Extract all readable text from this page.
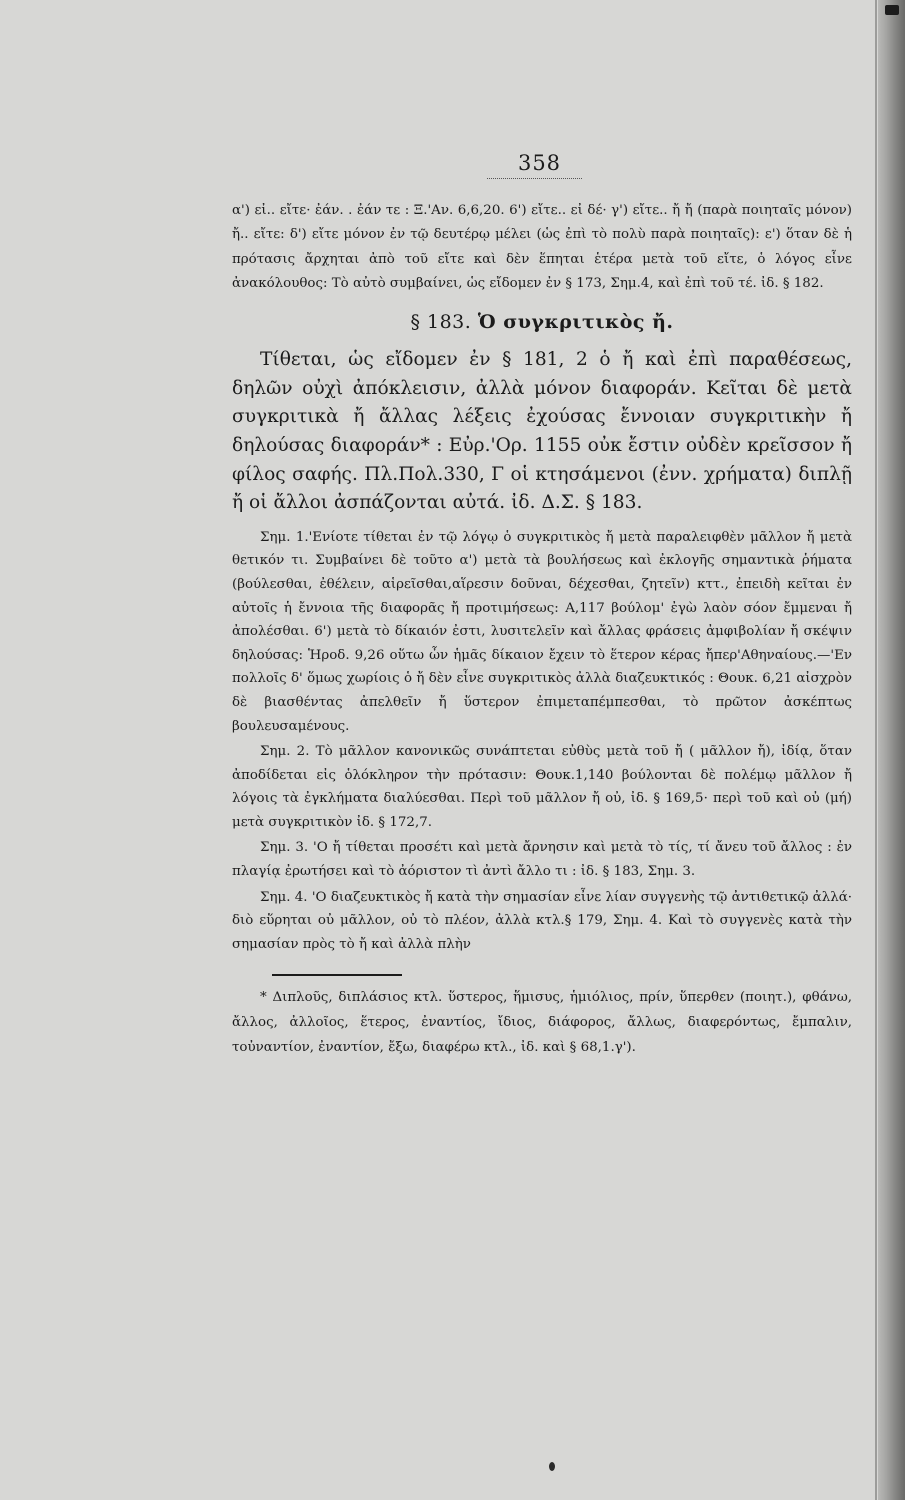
358

α') εἰ.. εἴτε· ἐάν. . ἐάν τε : Ξ.'Αν. 6,6,20. 6') εἴτε.. εἰ δέ· γ') εἴτε.. ἤ ἤ (παρὰ ποιηταῖς μόνον) ἤ.. εἴτε: δ') εἴτε μόνον ἐν τῷ δευτέρῳ μέλει (ὡς ἐπὶ τὸ πολὺ παρὰ ποιηταῖς): ε') ὅταν δὲ ἡ πρότασις ἄρχηται ἀπὸ τοῦ εἴτε καὶ δὲν ἕπηται ἑτέρα μετὰ τοῦ εἴτε, ὁ λόγος εἶνε ἀνακόλουθος: Τὸ αὐτὸ συμβαίνει, ὡς εἴδομεν ἐν § 173, Σημ.4, καὶ ἐπὶ τοῦ τέ. ἰδ. § 182.

§ 183. Ὁ συγκριτικὸς ἤ.

Τίθεται, ὡς εἴδομεν ἐν § 181, 2 ὁ ἤ καὶ ἐπὶ παραθέσεως, δηλῶν οὐχὶ ἀπόκλεισιν, ἀλλὰ μόνον διαφοράν. Κεῖται δὲ μετὰ συγκριτικὰ ἤ ἄλλας λέξεις ἐχούσας ἔννοιαν συγκριτικὴν ἤ δηλούσας διαφοράν* : Εὐρ.'Ορ. 1155 οὐκ ἔστιν οὐδὲν κρεῖσσον ἤ φίλος σαφής. Πλ.Πολ.330, Γ οἱ κτησάμενοι (ἐνν. χρήματα) διπλῇ ἤ οἱ ἄλλοι ἀσπάζονται αὐτά. ἰδ. Δ.Σ. § 183.

Σημ. 1.'Ενίοτε τίθεται ἐν τῷ λόγῳ ὁ συγκριτικὸς ἤ μετὰ παραλειφθὲν μᾶλλον ἤ μετὰ θετικόν τι. Συμβαίνει δὲ τοῦτο α') μετὰ τὰ βουλήσεως καὶ ἐκλογῆς σημαντικὰ ῥήματα (βούλεσθαι, ἐθέλειν, αἱρεῖσθαι,αἵρεσιν δοῦναι, δέχεσθαι, ζητεῖν) κττ., ἐπειδὴ κεῖται ἐν αὐτοῖς ἡ ἔννοια τῆς διαφορᾶς ἤ προτιμήσεως: Α,117 βούλομ' ἐγὼ λαὸν σόον ἔμμεναι ἤ ἀπολέσθαι. 6') μετὰ τὸ δίκαιόν ἐστι, λυσιτελεῖν καὶ ἄλλας φράσεις ἀμφιβολίαν ἤ σκέψιν δηλούσας: Ἡροδ. 9,26 οὕτω ὦν ἡμᾶς δίκαιον ἔχειν τὸ ἕτερον κέρας ἤπερ'Αθηναίους.—'Εν πολλοῖς δ' ὅμως χωρίοις ὁ ἤ δὲν εἶνε συγκριτικὸς ἀλλὰ διαζευκτικός : Θουκ. 6,21 αἰσχρὸν δὲ βιασθέντας ἀπελθεῖν ἤ ὕστερον ἐπιμεταπέμπεσθαι, τὸ πρῶτον ἀσκέπτως βουλευσαμένους.

Σημ. 2. Τὸ μᾶλλον κανονικῶς συνάπτεται εὐθὺς μετὰ τοῦ ἤ ( μᾶλλον ἤ), ἰδίᾳ, ὅταν ἀποδίδεται εἰς ὁλόκληρον τὴν πρότασιν: Θουκ.1,140 βούλονται δὲ πολέμῳ μᾶλλον ἤ λόγοις τὰ ἐγκλήματα διαλύεσθαι. Περὶ τοῦ μᾶλλον ἤ οὐ, ἰδ. § 169,5· περὶ τοῦ καὶ οὐ (μή) μετὰ συγκριτικὸν ἰδ. § 172,7.

Σημ. 3. 'Ο ἤ τίθεται προσέτι καὶ μετὰ ἄρνησιν καὶ μετὰ τὸ τίς, τί ἄνευ τοῦ ἄλλος : ἐν πλαγίᾳ ἐρωτήσει καὶ τὸ ἀόριστον τὶ ἀντὶ ἄλλο τι : ἰδ. § 183, Σημ. 3.

Σημ. 4. 'Ο διαζευκτικὸς ἤ κατὰ τὴν σημασίαν εἶνε λίαν συγγενὴς τῷ ἀντιθετικῷ ἀλλά· διὸ εὕρηται οὐ μᾶλλον, οὐ τὸ πλέον, ἀλλὰ κτλ.§ 179, Σημ. 4. Καὶ τὸ συγγενὲς κατὰ τὴν σημασίαν πρὸς τὸ ἤ καὶ ἀλλὰ πλὴν

* Διπλοῦς, διπλάσιος κτλ. ὕστερος, ἥμισυς, ἡμιόλιος, πρίν, ὕπερθεν (ποιητ.), φθάνω, ἄλλος, ἀλλοῖος, ἕτερος, ἐναντίος, ἴδιος, διάφορος, ἄλλως, διαφερόντως, ἔμπαλιν, τοὐναντίον, ἐναντίον, ἔξω, διαφέρω κτλ., ἰδ. καὶ § 68,1.γ').
